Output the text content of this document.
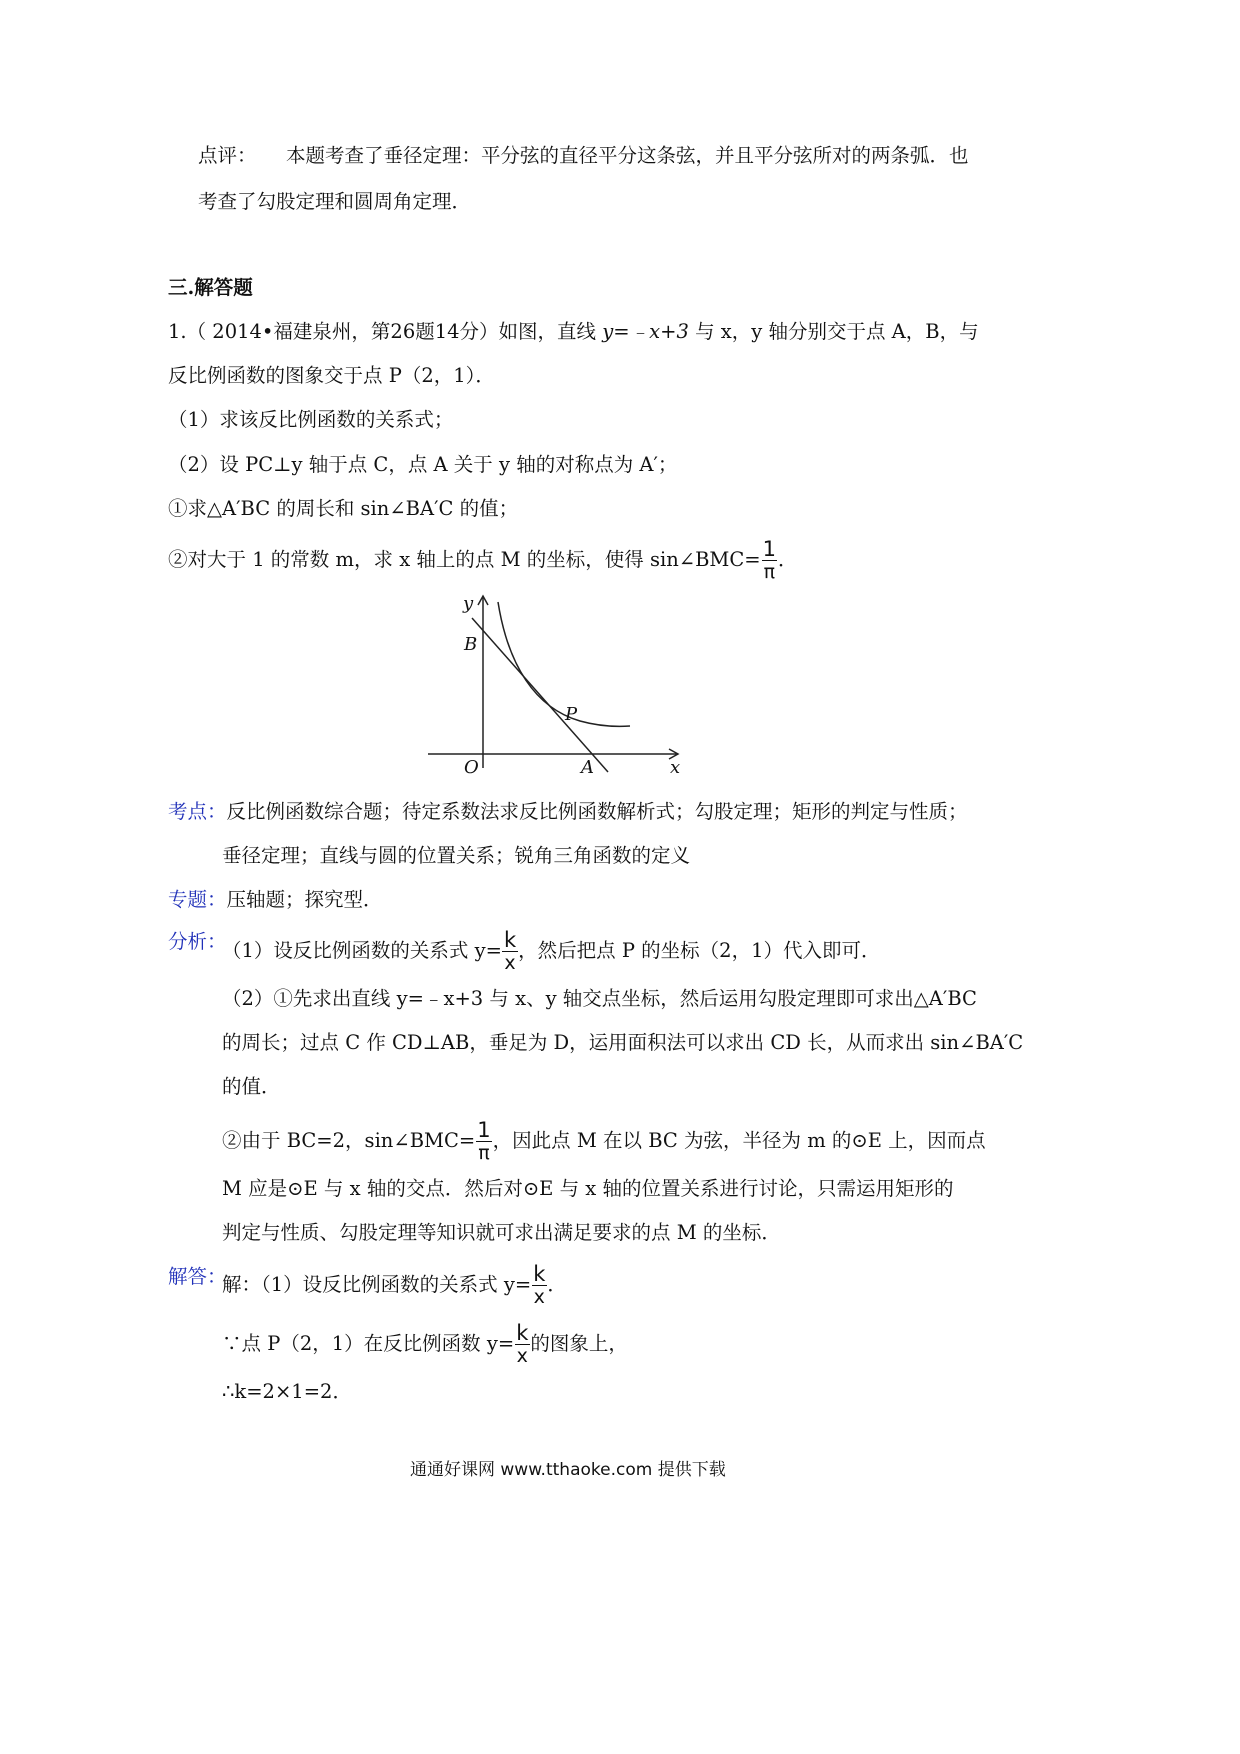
点评： 本题考查了垂径定理：平分弦的直径平分这条弦，并且平分弦所对的两条弧．也
考查了勾股定理和圆周角定理．
三.解答题
1.（ 2014•福建泉州，第26题14分）如图，直线 y=﹣x+3 与 x，y 轴分别交于点 A，B，与
反比例函数的图象交于点 P（2，1）．
（1）求该反比例函数的关系式；
（2）设 PC⊥y 轴于点 C，点 A 关于 y 轴的对称点为 A′；
①求△A′BC 的周长和 sin∠BA′C 的值；
②对大于 1 的常数 m，求 x 轴上的点 M 的坐标，使得 sin∠BMC= $\frac{1}{\pi}$ ．
y
B
P
O	A	x
考点：反比例函数综合题；待定系数法求反比例函数解析式；勾股定理；矩形的判定与性质；
垂径定理；直线与圆的位置关系；锐角三角函数的定义
专题：压轴题；探究型．
分析：
（1）设反比例函数的关系式 $y= \frac{k}{x}$ ，然后把点 P 的坐标（2，1）代入即可．
（2）①先求出直线 y=﹣x+3 与 x、y 轴交点坐标，然后运用勾股定理即可求出△A′BC
的周长；过点 C 作 CD⊥AB，垂足为 D，运用面积法可以求出 CD 长，从而求出 sin∠BA′C
的值．
②由于 BC=2，sin∠BMC= $\frac{1}{\pi}$ ，因此点 M 在以 BC 为弦，半径为 m 的⊙E 上，因而点
M 应是⊙E 与 x 轴的交点．然后对⊙E 与 x 轴的位置关系进行讨论，只需运用矩形的
判定与性质、勾股定理等知识就可求出满足要求的点 M 的坐标．
解答：
解：（1）设反比例函数的关系式 $y= \frac{k}{x}$ ．
∵点 P（2，1）在反比例函数 $y= \frac{k}{x}$ 的图象上，
∴k=2×1=2．
通通好课网 www.tthaoke.com 提供下载
